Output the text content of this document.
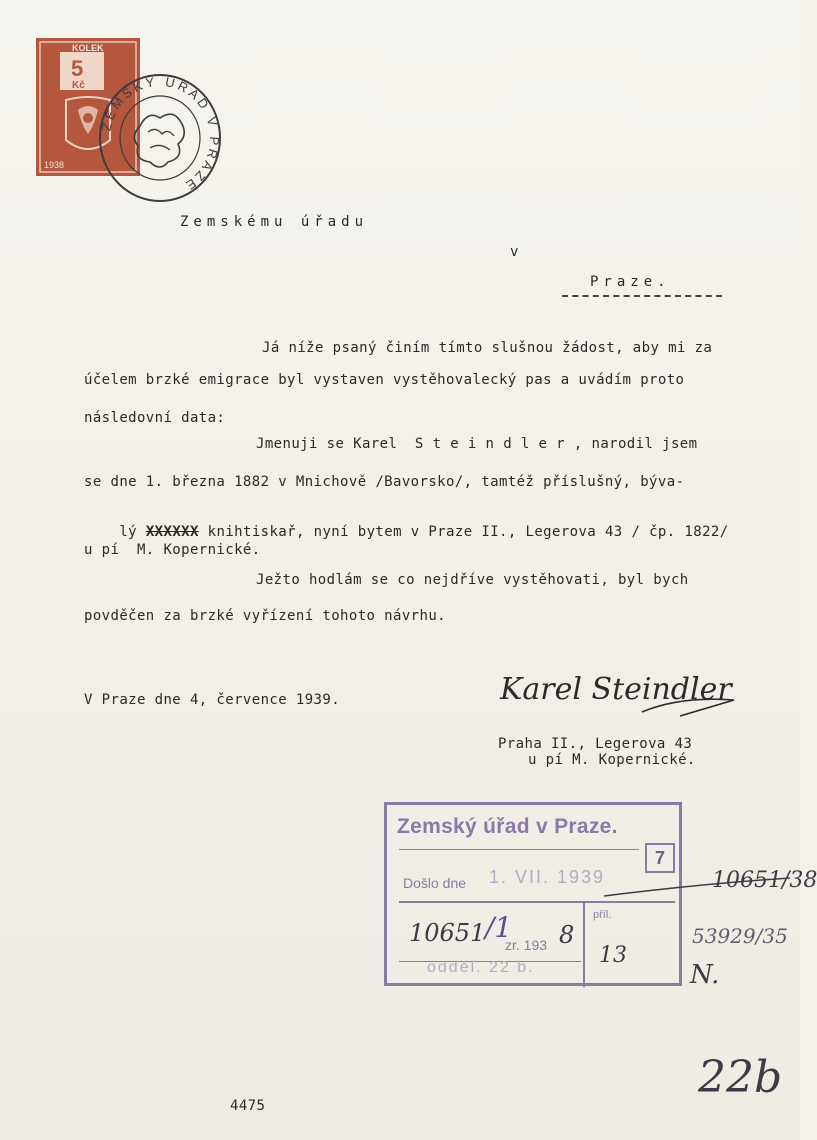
KOLEK
5
Kč
1938
ZEMSKÝ ÚŘAD V PRAZE
Zemskému úřadu
v
Praze.
Já níže psaný činím tímto slušnou žádost, aby mi za
účelem brzké emigrace byl vystaven vystěhovalecký pas a uvádím proto
následovní data:
Jmenuji se Karel  S t e i n d l e r , narodil jsem
se dne 1. března 1882 v Mnichově /Bavorsko/, tamtéž příslušný, býva-

lý XXXXXX knihtiskař, nyní bytem v Praze II., Legerova 43 / čp. 1822/

u pí  M. Kopernické.
Ježto hodlám se co nejdříve vystěhovati, byl bych
povděčen za brzké vyřízení tohoto návrhu.
V Praze dne 4, července 1939.	Karel Steindler
Praha II., Legerova 43
u pí M. Kopernické.
Zemský úřad v Praze.
7
Došlo dne 1. VII. 1939
10651 /1
zr. 193 8
příl.
13
odděl. 22 b.
10651/38
53929/35
N.
22b
4475
